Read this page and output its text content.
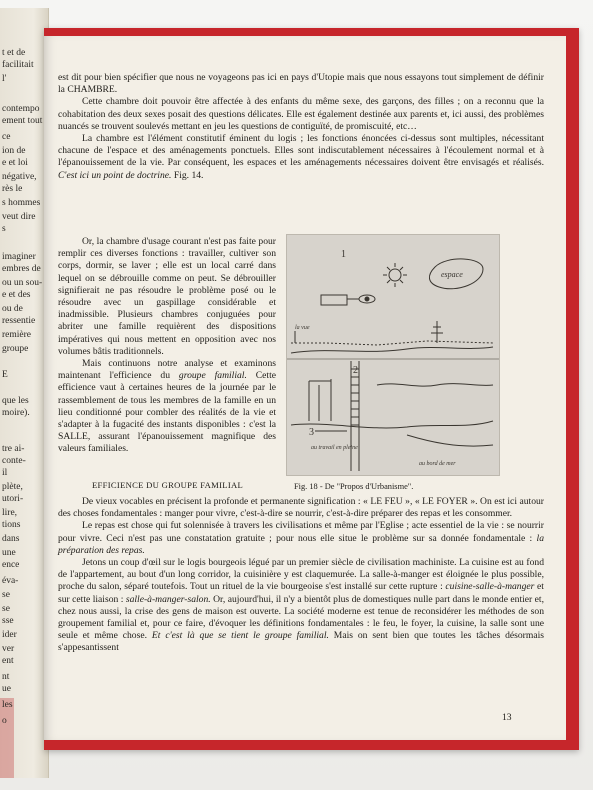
t et de
facilitait
l'
contempo
ement tout
ce
ion de
e et loi
négative,
rès le
s hommes
veut dire
s
imaginer
embres de
ou un sou-
e et des
ou de
ressentie
remière
groupe
E
que les
moire).
tre ai-
conte-
il
plète,
utori-
lire,
tions
dans
une
ence
éva-
se
se
sse
ider
ver
ent
nt
ue
les
o

est dit pour bien spécifier que nous ne voyageons pas ici en pays d'Utopie mais que nous essayons tout simplement de définir la CHAMBRE.

Cette chambre doit pouvoir être affectée à des enfants du même sexe, des garçons, des filles ; on a reconnu que la cohabitation des deux sexes posait des questions délicates. Elle est également destinée aux parents et, ici aussi, des problèmes nuancés se trouvent soulevés mettant en jeu les questions de contiguïté, de promiscuité, etc…

La chambre est l'élément constitutif éminent du logis ; les fonctions énoncées ci-dessus sont multiples, nécessitant chacune de l'espace et des aménagements ponctuels. Elles sont indiscutablement nécessaires à l'écoulement normal et à l'épanouissement de la vie. Par conséquent, les espaces et les aménagements nécessaires doivent être envisagés et réalisés. C'est ici un point de doctrine. Fig. 14.

Or, la chambre d'usage courant n'est pas faite pour remplir ces diverses fonctions : travailler, cultiver son corps, dormir, se laver ; elle est un local carré dans lequel on se débrouille comme on peut. Se débrouiller signifierait ne pas résoudre le problème posé ou le résoudre avec un gaspillage considérable et inadmissible. Plusieurs chambres conjuguées pour abriter une famille requièrent des dispositions impératives qui nous mettent en opposition avec nos volumes bâtis traditionnels.

Mais continuons notre analyse et examinons maintenant l'efficience du groupe familial. Cette efficience vaut à certaines heures de la journée par le rassemblement de tous les membres de la famille en un lieu conditionné pour combler des réalités de la vie et s'adapter à la fugacité des instants disponibles : c'est la SALLE, assurant l'épanouissement magnifique des valeurs familiales.

1
2
3
espace
la vue
au travail en pleine
au bord de mer
Fig. 18 - De "Propos d'Urbanisme".
EFFICIENCE DU GROUPE FAMILIAL

De vieux vocables en précisent la profonde et permanente signification : « LE FEU », « LE FOYER ». On est ici autour des choses fondamentales : manger pour vivre, c'est-à-dire se nourrir, c'est-à-dire préparer des repas et les consommer.

Le repas est chose qui fut solennisée à travers les civilisations et même par l'Eglise ; acte essentiel de la vie : se nourrir pour vivre. Ceci n'est pas une constatation gratuite ; pour nous elle situe le problème sur sa donnée fondamentale : la préparation des repas.

Jetons un coup d'œil sur le logis bourgeois légué par un premier siècle de civilisation machiniste. La cuisine est au fond de l'appartement, au bout d'un long corridor, la cuisinière y est claquemurée. La salle-à-manger est éloignée le plus possible, proche du salon, séparé toutefois. Tout un rituel de la vie bourgeoise s'est installé sur cette rupture : cuisine-salle-à-manger et sur cette liaison : salle-à-manger-salon. Or, aujourd'hui, il n'y a bientôt plus de domestiques nulle part dans le monde entier et, chez nous aussi, la crise des gens de maison est ouverte. La société moderne est tenue de reconsidérer les méthodes de son groupement familial et, pour ce faire, d'évoquer les définitions fondamentales : le feu, le foyer, la cuisine, la salle sont une seule et même chose. Et c'est là que se tient le groupe familial. Mais on sent bien que toutes les tâches désormais s'appesantissent

13
